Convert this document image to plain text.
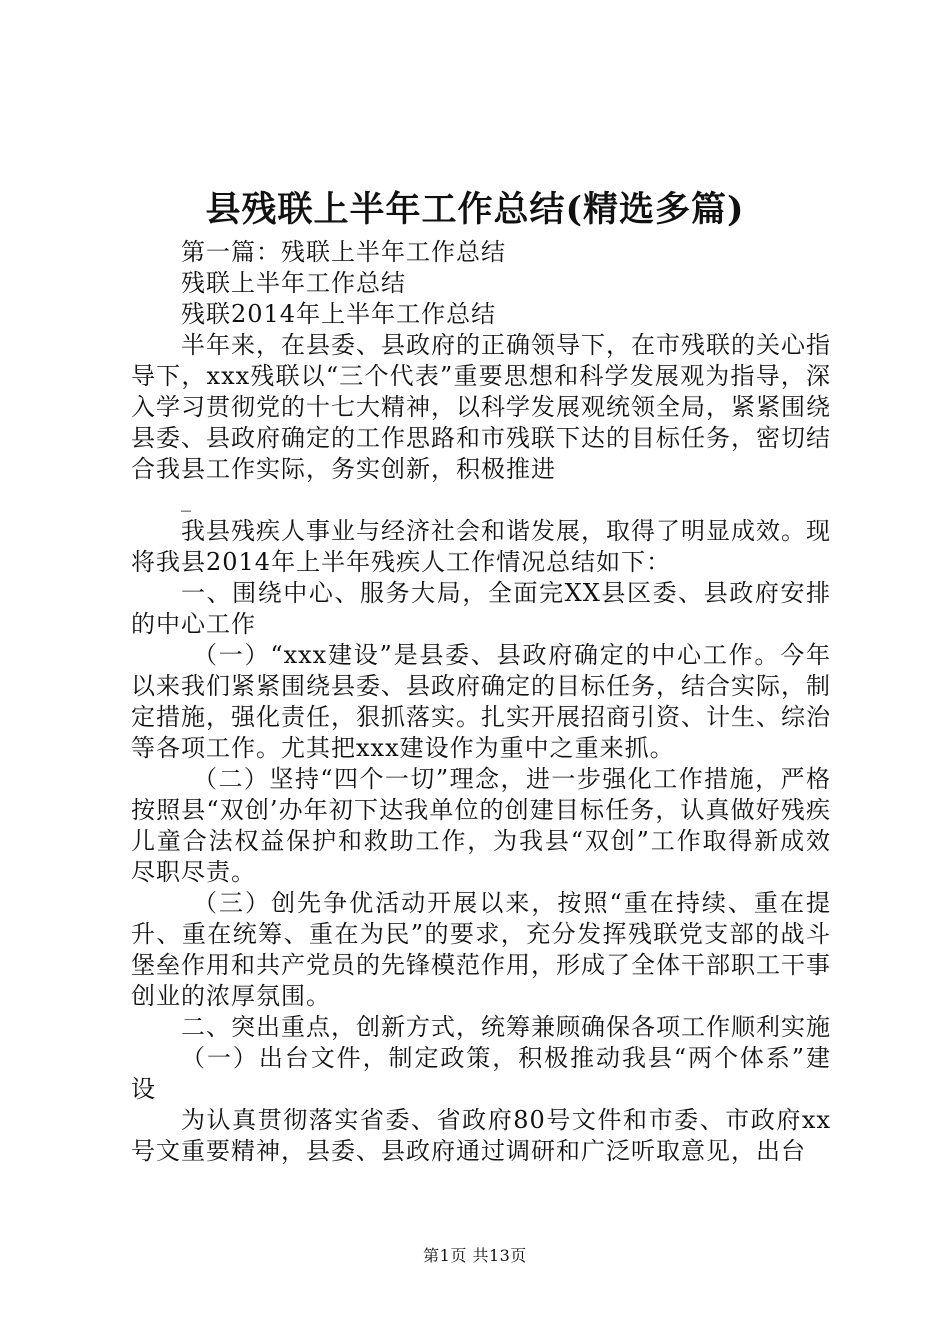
县残联上半年工作总结(精选多篇)

第一篇：残联上半年工作总结

残联上半年工作总结

残联2014年上半年工作总结

半年来，在县委、县政府的正确领导下，在市残联的关心指导下，xxx残联以“三个代表”重要思想和科学发展观为指导，深入学习贯彻党的十七大精神，以科学发展观统领全局，紧紧围绕县委、县政府确定的工作思路和市残联下达的目标任务，密切结合我县工作实际，务实创新，积极推进

_

我县残疾人事业与经济社会和谐发展，取得了明显成效。现将我县2014年上半年残疾人工作情况总结如下：

一、围绕中心、服务大局，全面完XX县区委、县政府安排的中心工作

（一）“xxx建设”是县委、县政府确定的中心工作。今年以来我们紧紧围绕县委、县政府确定的目标任务，结合实际，制定措施，强化责任，狠抓落实。扎实开展招商引资、计生、综治等各项工作。尤其把xxx建设作为重中之重来抓。

（二）坚持“四个一切”理念，进一步强化工作措施，严格按照县“双创’办年初下达我单位的创建目标任务，认真做好残疾儿童合法权益保护和救助工作，为我县“双创”工作取得新成效尽职尽责。

（三）创先争优活动开展以来，按照“重在持续、重在提升、重在统筹、重在为民”的要求，充分发挥残联党支部的战斗堡垒作用和共产党员的先锋模范作用，形成了全体干部职工干事创业的浓厚氛围。

二、突出重点，创新方式，统筹兼顾确保各项工作顺利实施

（一）出台文件，制定政策，积极推动我县“两个体系”建设

为认真贯彻落实省委、省政府80号文件和市委、市政府xx号文重要精神，县委、县政府通过调研和广泛听取意见，出台

第1页 共13页
